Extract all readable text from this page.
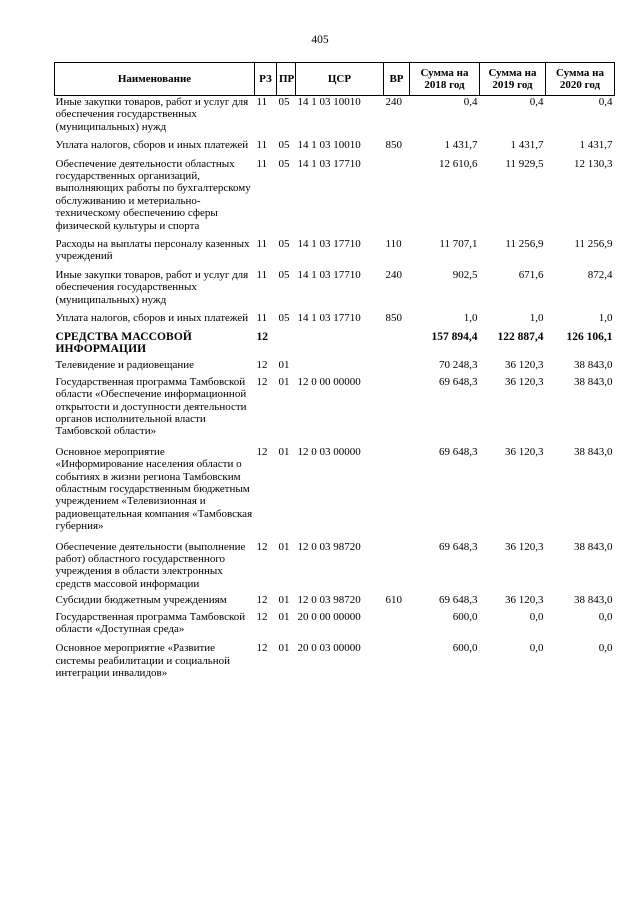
405
Наименование	РЗ	ПР	ЦСР	ВР	Сумма на 2018 год	Сумма на 2019 год	Сумма на 2020 год
Иные закупки товаров, работ и услуг для обеспечения государственных (муниципальных) нужд	11	05	14 1 03 10010	240	0,4	0,4	0,4
Уплата налогов, сборов и иных платежей	11	05	14 1 03 10010	850	1 431,7	1 431,7	1 431,7
Обеспечение деятельности областных государственных организаций, выполняющих работы по бухгалтерскому обслуживанию и метериально-техническому обеспечению сферы физической культуры и спорта	11	05	14 1 03 17710		12 610,6	11 929,5	12 130,3
Расходы на выплаты персоналу казенных учреждений	11	05	14 1 03 17710	110	11 707,1	11 256,9	11 256,9
Иные закупки товаров, работ и услуг для обеспечения государственных (муниципальных) нужд	11	05	14 1 03 17710	240	902,5	671,6	872,4
Уплата налогов, сборов и иных платежей	11	05	14 1 03 17710	850	1,0	1,0	1,0
СРЕДСТВА МАССОВОЙ ИНФОРМАЦИИ	12				157 894,4	122 887,4	126 106,1
Телевидение и радиовещание	12	01			70 248,3	36 120,3	38 843,0
Государственная программа Тамбовской области «Обеспечение информационной открытости и доступности деятельности органов исполнительной власти Тамбовской области»	12	01	12 0 00 00000		69 648,3	36 120,3	38 843,0
Основное мероприятие «Информирование населения области о событиях в жизни региона Тамбовским областным государственным бюджетным учреждением «Телевизионная и радиовещательная компания «Тамбовская губерния»	12	01	12 0 03 00000		69 648,3	36 120,3	38 843,0
Обеспечение деятельности (выполнение работ) областного государственного учреждения в области электронных средств массовой информации	12	01	12 0 03 98720		69 648,3	36 120,3	38 843,0
Субсидии бюджетным учреждениям	12	01	12 0 03 98720	610	69 648,3	36 120,3	38 843,0
Государственная программа Тамбовской области «Доступная среда»	12	01	20 0 00 00000		600,0	0,0	0,0
Основное мероприятие «Развитие системы реабилитации и социальной интеграции инвалидов»	12	01	20 0 03 00000		600,0	0,0	0,0
